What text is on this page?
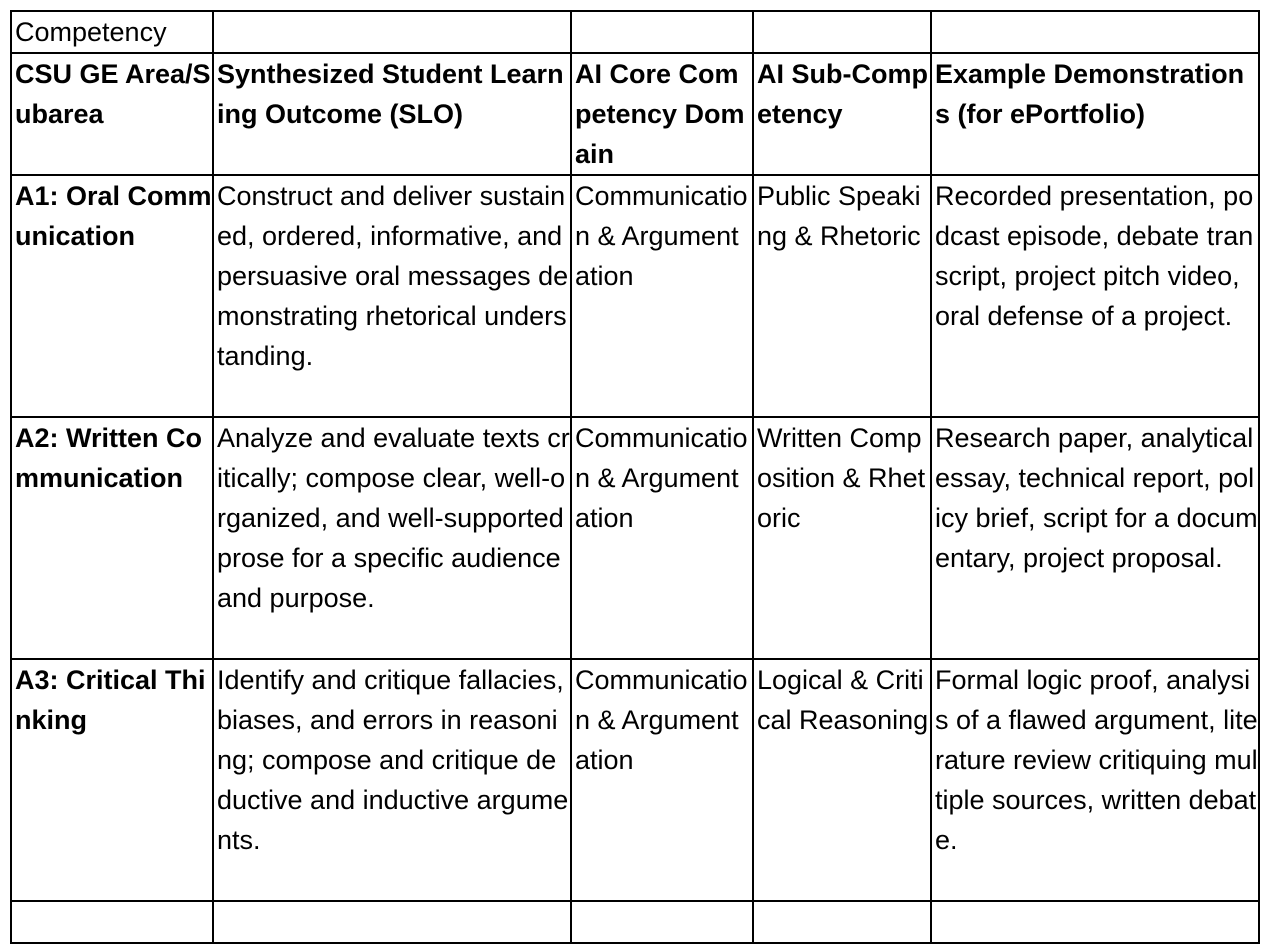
Competency				
CSU GE Area/Subarea	Synthesized Student Learning Outcome (SLO)	AI Core Competency Domain	AI Sub-Competency	Example Demonstrations (for ePortfolio)
A1: Oral Communication	Construct and deliver sustained, ordered, informative, and persuasive oral messages demonstrating rhetorical understanding.	Communication & Argumentation	Public Speaking & Rhetoric	Recorded presentation, podcast episode, debate transcript, project pitch video, oral defense of a project.
A2: Written Communication	Analyze and evaluate texts critically; compose clear, well-organized, and well-supported prose for a specific audience and purpose.	Communication & Argumentation	Written Composition & Rhetoric	Research paper, analytical essay, technical report, policy brief, script for a documentary, project proposal.
A3: Critical Thinking	Identify and critique fallacies, biases, and errors in reasoning; compose and critique deductive and inductive arguments.	Communication & Argumentation	Logical & Critical Reasoning	Formal logic proof, analysis of a flawed argument, literature review critiquing multiple sources, written debate.
